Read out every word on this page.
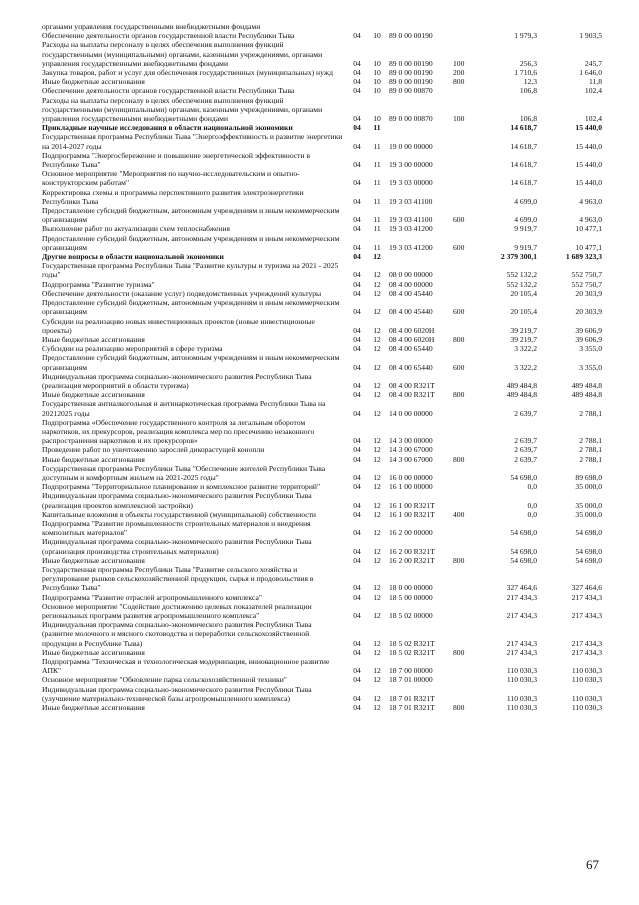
органами управления государственными внебюджетными фондами						
Обеспечение деятельности органов государственной власти Республики Тыва	04	10	89 0 00 00190		1 979,3	1 903,5
Расходы на выплаты персоналу в целях обеспечения выполнения функций государственными (муниципальными) органами, казенными учреждениями, органами управления государственными внебюджетными фондами	04	10	89 0 00 00190	100	256,3	245,7
Закупка товаров, работ и услуг для обеспечения государственных (муниципальных) нужд	04	10	89 0 00 00190	200	1 710,6	1 646,0
Иные бюджетные ассигнования	04	10	89 0 00 00190	800	12,3	11,8
Обеспечение деятельности органов государственной власти Республики Тыва	04	10	89 0 00 00870		106,8	102,4
Расходы на выплаты персоналу в целях обеспечения выполнения функций государственными (муниципальными) органами, казенными учреждениями, органами управления государственными внебюджетными фондами	04	10	89 0 00 00870	100	106,8	102,4
Прикладные научные исследования в области национальной экономики	04	11			14 618,7	15 440,0
Государственная программа Республики Тыва "Энергоэффективность и развитие энергетики на 2014-2027 годы	04	11	19 0 00 00000		14 618,7	15 440,0
Подпрограмма "Энергосбережение и повышение энергетической эффективности в Республике Тыва"	04	11	19 3 00 00000		14 618,7	15 440,0
Основное мероприятие "Мероприятия по научно-исследовательским и опытно-конструкторским работам"	04	11	19 3 03 00000		14 618,7	15 440,0
Корректировка схемы и программы перспективного развития электроэнергетики Республики Тыва	04	11	19 3 03 41100		4 699,0	4 963,0
Предоставление субсидий бюджетным, автономным учреждениям и иным некоммерческим организациям	04	11	19 3 03 41100	600	4 699,0	4 963,0
Выполнение работ по актуализации схем теплоснабжения	04	11	19 3 03 41200		9 919,7	10 477,1
Предоставление субсидий бюджетным, автономным учреждениям и иным некоммерческим организациям	04	11	19 3 03 41200	600	9 919,7	10 477,1
Другие вопросы в области национальной экономики	04	12			2 379 300,1	1 689 323,3
Государственная программа Республики Тыва "Развитие культуры и туризма на 2021 - 2025 годы"	04	12	08 0 00 00000		552 132,2	552 750,7
Подпрограмма "Развитие туризма"	04	12	08 4 00 00000		552 132,2	552 750,7
Обеспечение деятельности (оказание услуг) подведомственных учреждений культуры	04	12	08 4 00 45440		20 105,4	20 303,9
Предоставление субсидий бюджетным, автономным учреждениям и иным некоммерческим организациям	04	12	08 4 00 45440	600	20 105,4	20 303,9
Субсидии на реализацию новых инвестиционных проектов (новые инвестиционные проекты)	04	12	08 4 00 6020Н		39 219,7	39 606,9
Иные бюджетные ассигнования	04	12	08 4 00 6020Н	800	39 219,7	39 606,9
Субсидии на реализацию мероприятий в сфере туризма	04	12	08 4 00 65440		3 322,2	3 355,0
Предоставление субсидий бюджетным, автономным учреждениям и иным некоммерческим организациям	04	12	08 4 00 65440	600	3 322,2	3 355,0
Индивидуальная программа социально-экономического развития Республики Тыва (реализация мероприятий в области туризма)	04	12	08 4 00 R321Т		489 484,8	489 484,8
Иные бюджетные ассигнования	04	12	08 4 00 R321Т	800	489 484,8	489 484,8
Государственная антиалкогольная и антинаркотическая программа Республики Тыва на 20212025 годы	04	12	14 0 00 00000		2 639,7	2 788,1
Подпрограмма «Обеспечение государственного контроля за легальным оборотом наркотиков, их прекурсоров, реализация комплекса мер по пресечению незаконного распространения наркотиков и их прекурсоров»	04	12	14 3 00 00000		2 639,7	2 788,1
Проведение работ по уничтожению зарослей дикорастущей конопли	04	12	14 3 00 67000		2 639,7	2 788,1
Иные бюджетные ассигнования	04	12	14 3 00 67000	800	2 639,7	2 788,1
Государственная программа Республики Тыва "Обеспечение жителей Республики Тыва доступным и комфортным жильем на 2021-2025 годы"	04	12	16 0 00 00000		54 698,0	89 698,0
Подпрограмма "Территориальное планирование и комплексное развитие территорий"	04	12	16 1 00 00000		0,0	35 000,0
Индивидуальная программа социально-экономического развития Республики Тыва (реализация проектов комплексной застройки)	04	12	16 1 00 R321Т		0,0	35 000,0
Капитальные вложения в объекты государственной (муниципальной) собственности	04	12	16 1 00 R321Т	400	0,0	35 000,0
Подпрограмма "Развитие промышленности строительных материалов и внедрения композитных материалов"	04	12	16 2 00 00000		54 698,0	54 698,0
Индивидуальная программа социально-экономического развития Республики Тыва (организация производства строительных материалов)	04	12	16 2 00 R321Т		54 698,0	54 698,0
Иные бюджетные ассигнования	04	12	16 2 00 R321Т	800	54 698,0	54 698,0
Государственная программа Республики Тыва "Развитие сельского хозяйства и регулирование рынков сельскохозяйственной продукции, сырья и продовольствия в Республике Тыва"	04	12	18 0 00 00000		327 464,6	327 464,6
Подпрограмма "Развитие отраслей агропромышленного комплекса"	04	12	18 5 00 00000		217 434,3	217 434,3
Основное мероприятие "Содействие достижению целевых показателей реализации региональных программ развития агропромышленного комплекса"	04	12	18 5 02 00000		217 434,3	217 434,3
Индивидуальная программа социально-экономического развития Республики Тыва (развитие молочного и мясного скотоводства и переработки сельскохозяйственной продукции в Республике Тыва)	04	12	18 5 02 R321Т		217 434,3	217 434,3
Иные бюджетные ассигнования	04	12	18 5 02 R321Т	800	217 434,3	217 434,3
Подпрограмма "Техническая и технологическая модернизация, инновационное развитие АПК"	04	12	18 7 00 00000		110 030,3	110 030,3
Основное мероприятие "Обновление парка сельскохозяйственной техники"	04	12	18 7 01 00000		110 030,3	110 030,3
Индивидуальная программа социально-экономического развития Республики Тыва (улучшение материально-технической базы агропромышленного комплекса)	04	12	18 7 01 R321Т		110 030,3	110 030,3
Иные бюджетные ассигнования	04	12	18 7 01 R321Т	800	110 030,3	110 030,3
67
